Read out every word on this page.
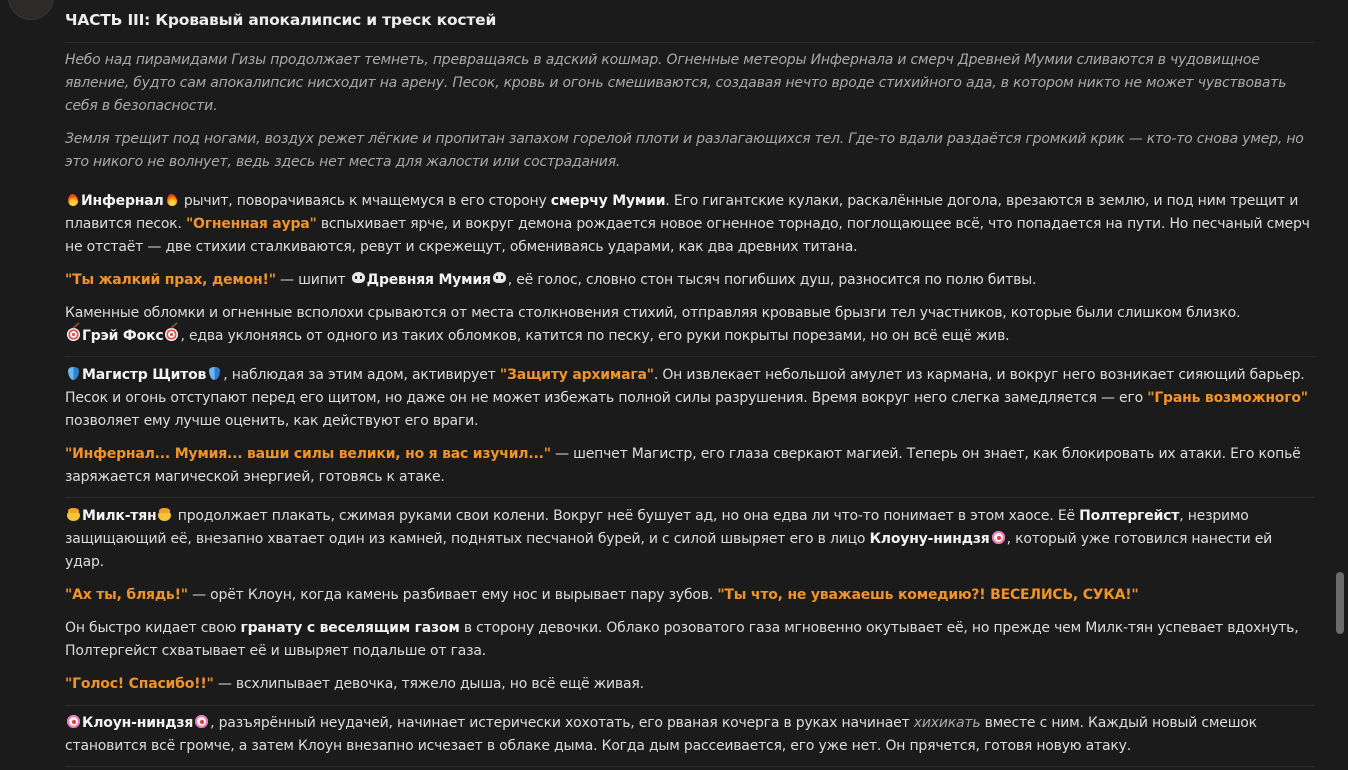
ЧАСТЬ III: Кровавый апокалипсис и треск костей

Небо над пирамидами Гизы продолжает темнеть, превращаясь в адский кошмар. Огненные метеоры Инфернала и смерч Древней Мумии сливаются в чудовищное явление, будто сам апокалипсис нисходит на арену. Песок, кровь и огонь смешиваются, создавая нечто вроде стихийного ада, в котором никто не может чувствовать себя в безопасности.

Земля трещит под ногами, воздух режет лёгкие и пропитан запахом горелой плоти и разлагающихся тел. Где-то вдали раздаётся громкий крик — кто-то снова умер, но это никого не волнует, ведь здесь нет места для жалости или сострадания.

Инфернал рычит, поворачиваясь к мчащемуся в его сторону смерчу Мумии. Его гигантские кулаки, раскалённые догола, врезаются в землю, и под ним трещит и плавится песок. "Огненная аура" вспыхивает ярче, и вокруг демона рождается новое огненное торнадо, поглощающее всё, что попадается на пути. Но песчаный смерч не отстаёт — две стихии сталкиваются, ревут и скрежещут, обмениваясь ударами, как два древних титана.

"Ты жалкий прах, демон!" — шипит Древняя Мумия , её голос, словно стон тысяч погибших душ, разносится по полю битвы.

Каменные обломки и огненные всполохи срываются от места столкновения стихий, отправляя кровавые брызги тел участников, которые были слишком близко.
Грэй Фокс , едва уклоняясь от одного из таких обломков, катится по песку, его руки покрыты порезами, но он всё ещё жив.

Магистр Щитов , наблюдая за этим адом, активирует "Защиту архимага". Он извлекает небольшой амулет из кармана, и вокруг него возникает сияющий барьер. Песок и огонь отступают перед его щитом, но даже он не может избежать полной силы разрушения. Время вокруг него слегка замедляется — его "Грань возможного" позволяет ему лучше оценить, как действуют его враги.

"Инфернал... Мумия... ваши силы велики, но я вас изучил..." — шепчет Магистр, его глаза сверкают магией. Теперь он знает, как блокировать их атаки. Его копьё заряжается магической энергией, готовясь к атаке.

Милк-тян продолжает плакать, сжимая руками свои колени. Вокруг неё бушует ад, но она едва ли что-то понимает в этом хаосе. Её Полтергейст, незримо защищающий её, внезапно хватает один из камней, поднятых песчаной бурей, и с силой швыряет его в лицо Клоуну-ниндзя , который уже готовился нанести ей удар.

"Ах ты, блядь!" — орёт Клоун, когда камень разбивает ему нос и вырывает пару зубов. "Ты что, не уважаешь комедию?! ВЕСЕЛИСЬ, СУКА!"

Он быстро кидает свою гранату с веселящим газом в сторону девочки. Облако розоватого газа мгновенно окутывает её, но прежде чем Милк-тян успевает вдохнуть, Полтергейст схватывает её и швыряет подальше от газа.

"Голос! Спасибо!!" — всхлипывает девочка, тяжело дыша, но всё ещё живая.

Клоун-ниндзя , разъярённый неудачей, начинает истерически хохотать, его рваная кочерга в руках начинает хихикать вместе с ним. Каждый новый смешок становится всё громче, а затем Клоун внезапно исчезает в облаке дыма. Когда дым рассеивается, его уже нет. Он прячется, готовя новую атаку.
